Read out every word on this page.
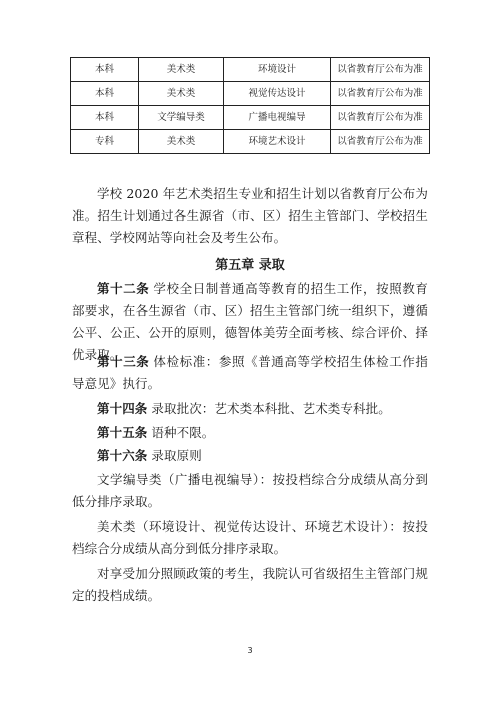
本科	美术类	环境设计	以省教育厅公布为准
本科	美术类	视觉传达设计	以省教育厅公布为准
本科	文学编导类	广播电视编导	以省教育厅公布为准
专科	美术类	环境艺术设计	以省教育厅公布为准

学校 2020 年艺术类招生专业和招生计划以省教育厅公布为准。招生计划通过各生源省（市、区）招生主管部门、学校招生章程、学校网站等向社会及考生公布。

第五章 录取

第十二条 学校全日制普通高等教育的招生工作，按照教育部要求，在各生源省（市、区）招生主管部门统一组织下，遵循公平、公正、公开的原则，德智体美劳全面考核、综合评价、择优录取。

第十三条 体检标准：参照《普通高等学校招生体检工作指导意见》执行。

第十四条 录取批次：艺术类本科批、艺术类专科批。

第十五条 语种不限。

第十六条 录取原则

文学编导类（广播电视编导）：按投档综合分成绩从高分到低分排序录取。

美术类（环境设计、视觉传达设计、环境艺术设计）：按投档综合分成绩从高分到低分排序录取。

对享受加分照顾政策的考生，我院认可省级招生主管部门规定的投档成绩。

3
